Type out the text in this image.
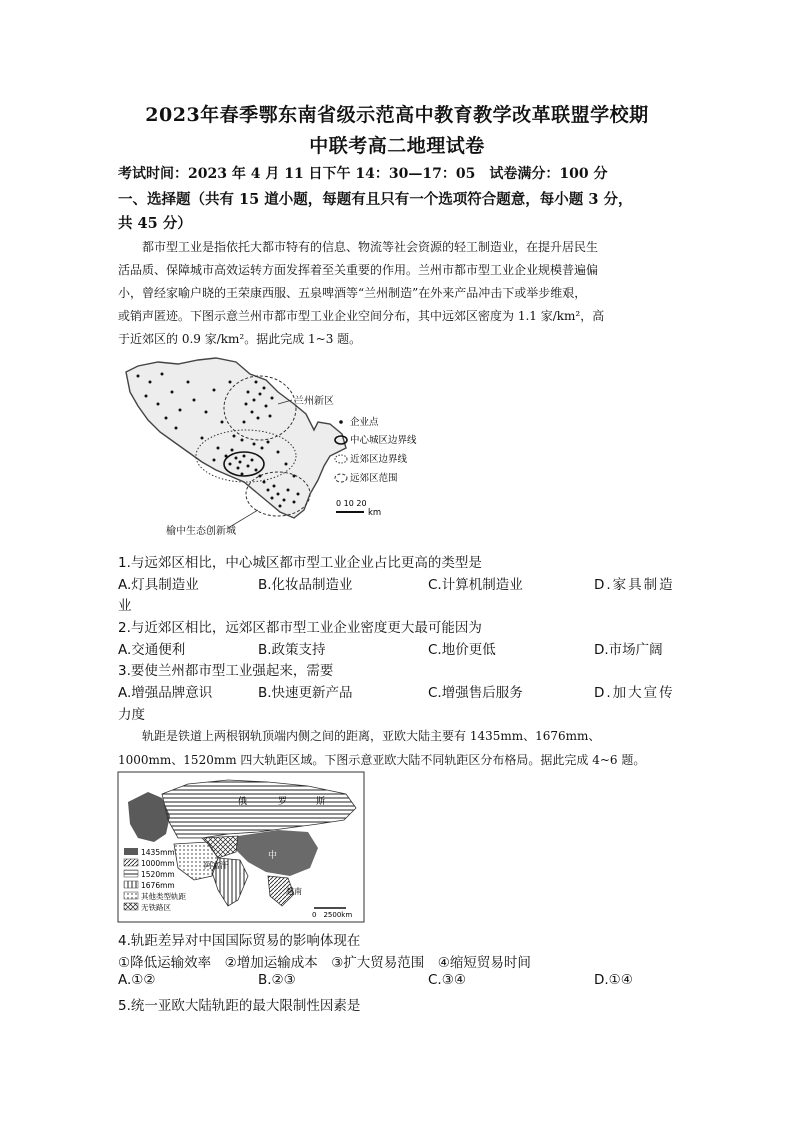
2023年春季鄂东南省级示范高中教育教学改革联盟学校期
中联考高二地理试卷
考试时间：2023 年 4 月 11 日下午 14：30—17：05　试卷满分：100 分
一、选择题（共有 15 道小题，每题有且只有一个选项符合题意，每小题 3 分，
共 45 分）
都市型工业是指依托大都市特有的信息、物流等社会资源的轻工制造业，在提升居民生
活品质、保障城市高效运转方面发挥着至关重要的作用。兰州市都市型工业企业规模普遍偏
小，曾经家喻户晓的王荣康西服、五泉啤酒等“兰州制造”在外来产品冲击下或举步维艰，
或销声匿迹。下图示意兰州市都市型工业企业空间分布，其中远郊区密度为 1.1 家/km²，高
于近郊区的 0.9 家/km²。据此完成 1~3 题。
兰州新区
榆中生态创新城
企业点
中心城区边界线
近郊区边界线
远郊区范围
0 10 20
km
1.与远郊区相比，中心城区都市型工业企业占比更高的类型是
A.灯具制造业	B.化妆品制造业	C.计算机制造业	D.家具制造
业
2.与近郊区相比，远郊区都市型工业企业密度更大最可能因为
A.交通便利	B.政策支持	C.地价更低	D.市场广阔
3.要使兰州都市型工业强起来，需要
A.增强品牌意识	B.快速更新产品	C.增强售后服务	D.加大宣传
力度
轨距是铁道上两根钢轨顶端内侧之间的距离，亚欧大陆主要有 1435mm、1676mm、
1000mm、1520mm 四大轨距区域。下图示意亚欧大陆不同轨距区分布格局。据此完成 4~6 题。
俄	罗	斯
中
阿富汗
越南
1435mm
1000mm
1520mm
1676mm
其他类型轨距
无铁路区
0　2500km
4.轨距差异对中国国际贸易的影响体现在
①降低运输效率　②增加运输成本　③扩大贸易范围　④缩短贸易时间
A.①②	B.②③	C.③④	D.①④
5.统一亚欧大陆轨距的最大限制性因素是
